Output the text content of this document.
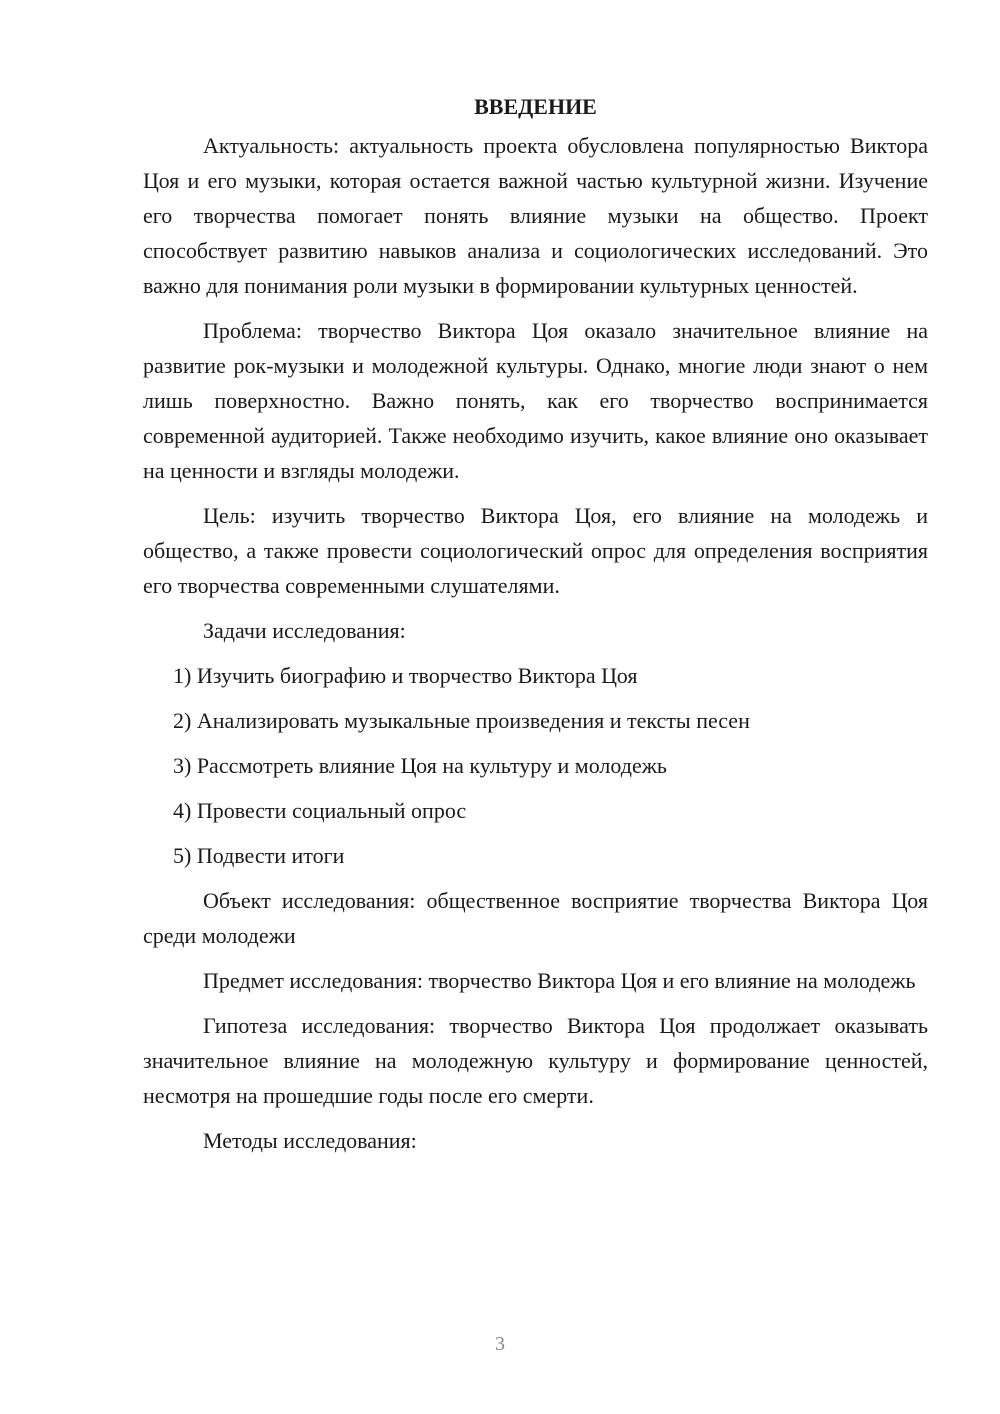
ВВЕДЕНИЕ

Актуальность: актуальность проекта обусловлена популярностью Виктора Цоя и его музыки, которая остается важной частью культурной жизни. Изучение его творчества помогает понять влияние музыки на общество. Проект способствует развитию навыков анализа и социологических исследований. Это важно для понимания роли музыки в формировании культурных ценностей.

Проблема: творчество Виктора Цоя оказало значительное влияние на развитие рок-музыки и молодежной культуры. Однако, многие люди знают о нем лишь поверхностно. Важно понять, как его творчество воспринимается современной аудиторией. Также необходимо изучить, какое влияние оно оказывает на ценности и взгляды молодежи.

Цель: изучить творчество Виктора Цоя, его влияние на молодежь и общество, а также провести социологический опрос для определения восприятия его творчества современными слушателями.

Задачи исследования:

1) Изучить биографию и творчество Виктора Цоя

2) Анализировать музыкальные произведения и тексты песен

3) Рассмотреть влияние Цоя на культуру и молодежь

4) Провести социальный опрос

5) Подвести итоги

Объект исследования: общественное восприятие творчества Виктора Цоя среди молодежи

Предмет исследования: творчество Виктора Цоя и его влияние на молодежь

Гипотеза исследования: творчество Виктора Цоя продолжает оказывать значительное влияние на молодежную культуру и формирование ценностей, несмотря на прошедшие годы после его смерти.

Методы исследования:

3
